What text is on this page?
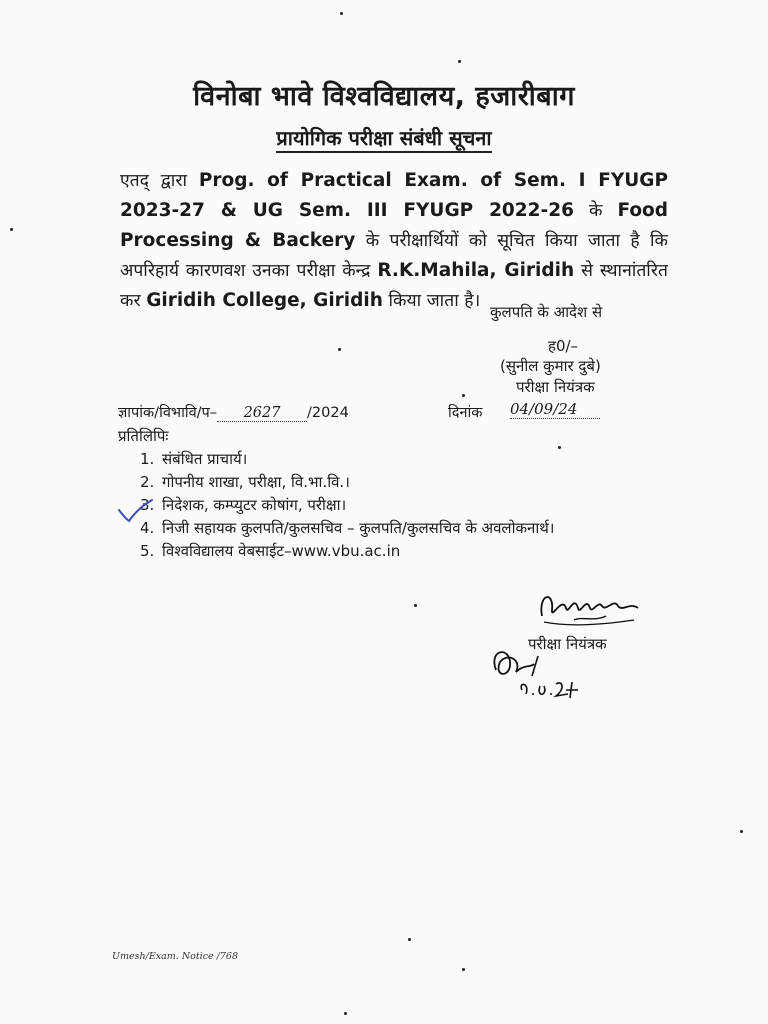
विनोबा भावे विश्वविद्यालय, हजारीबाग
प्रायोगिक परीक्षा संबंधी सूचना
एतद् द्वारा Prog. of Practical Exam. of Sem. I FYUGP 2023-27 & UG Sem. III FYUGP 2022-26 के Food Processing & Backery के परीक्षार्थियों को सूचित किया जाता है कि अपरिहार्य कारणवश उनका परीक्षा केन्द्र R.K.Mahila, Giridih से स्थानांतरित कर Giridih College, Giridih किया जाता है।
कुलपति के आदेश से
ह0/–
(सुनील कुमार दुबे)
परीक्षा नियंत्रक
ज्ञापांक/विभावि/प– 2627 /2024	दिनांक 04/09/24
प्रतिलिपिः
1. संबंधित प्राचार्य।
2. गोपनीय शाखा, परीक्षा, वि.भा.वि.।
3. निदेशक, कम्प्युटर कोषांग, परीक्षा।
4. निजी सहायक कुलपति/कुलसचिव – कुलपति/कुलसचिव के अवलोकनार्थ।
5. विश्वविद्यालय वेबसाईट–www.vbu.ac.in
परीक्षा नियंत्रक
Umesh/Exam. Notice /768
